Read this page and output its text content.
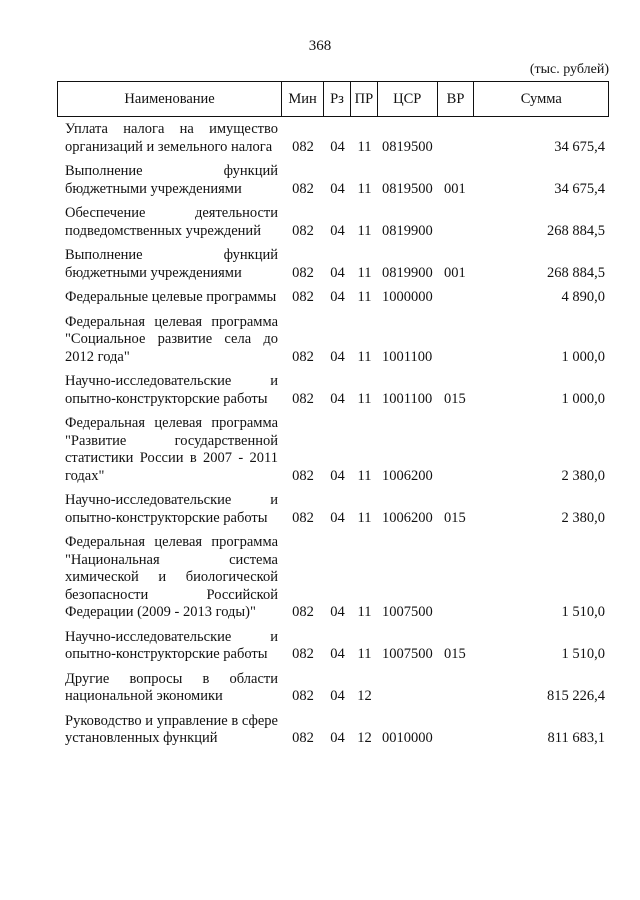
368
(тыс. рублей)
Наименование	Мин Рз ПР	ЦСР	ВР	Сумма
Уплата налога на имущество организаций и земельного налога	082	04 11 0819500	34 675,4
Выполнение функций бюджетными учреждениями	082	04 11 0819500 001	34 675,4
Обеспечение деятельности подведомственных учреждений	082	04 11 0819900	268 884,5
Выполнение функций бюджетными учреждениями	082	04 11 0819900 001	268 884,5
Федеральные целевые программы	082	04 11 1000000	4 890,0
Федеральная целевая программа "Социальное развитие села до 2012 года"	082	04 11 1001100	1 000,0
Научно-исследовательские и опытно-конструкторские работы	082	04 11 1001100 015	1 000,0
Федеральная целевая программа "Развитие государственной статистики России в 2007 - 2011 годах"	082	04 11 1006200	2 380,0
Научно-исследовательские и опытно-конструкторские работы	082	04 11 1006200 015	2 380,0
Федеральная целевая программа "Национальная система химической и биологической безопасности Российской Федерации (2009 - 2013 годы)"	082	04 11 1007500	1 510,0
Научно-исследовательские и опытно-конструкторские работы	082	04 11 1007500 015	1 510,0
Другие вопросы в области национальной экономики	082	04 12	815 226,4
Руководство и управление в сфере установленных функций	082	04 12 0010000	811 683,1
